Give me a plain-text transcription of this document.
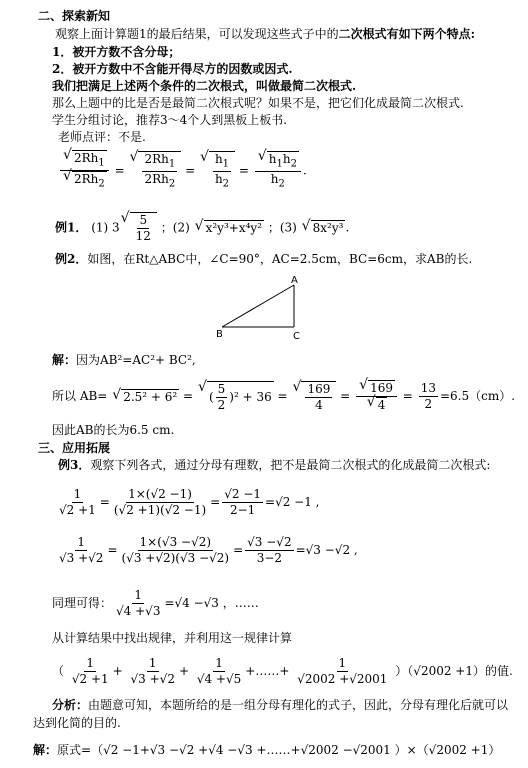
二、探索新知
观察上面计算题1的最后结果，可以发现这些式子中的二次根式有如下两个特点:
1．被开方数不含分母；
2．被开方数中不含能开得尽方的因数或因式.
我们把满足上述两个条件的二次根式，叫做最简二次根式.
那么上题中的比是否是最简二次根式呢？如果不是，把它们化成最简二次根式.
学生分组讨论，推荐3～4个人到黑板上板书.
老师点评：不是.
√ $2Rh_1$
√ $2Rh_2$ = √ $\frac{2Rh_1}{2Rh_2}$ = √ $\frac{h_1}{h_2}$ = √ $\frac{h_1h_2}{h_2}$ .
例1． (1) 3 √ $\frac{5}{12}$ ；(2) √ x²y³+x⁴y² ；(3) √ 8x²y³ .
例2．如图，在Rt△ABC中，∠C=90°，AC=2.5cm，BC=6cm，求AB的长.
A
B	C
解：因为AB²=AC²+ BC²,
所以 AB= √ 2.5² + 6² = √ ( $\frac{5}{2} )^2 + 36$ = √ $\frac{169}{4}$ = √ 169
√ $4 = \frac{13}{2} =6.5(cm)$.
因此AB的长为6.5 cm.
三、应用拓展
例3．观察下列各式，通过分母有理数，把不是最简二次根式的化成最简二次根式:
$\frac{1}{√2 +1} = \frac{1\times(√2 -1)}{(√2 +1)(√2 -1)} = \frac{√2 -1}{2-1} =√2 -1$ ,
$\frac{1}{√3 +√2} = \frac{1\times(√3 -√2)}{(√3 +√2)(√3 -√2)} = \frac{√3 -√2}{3-2} =√3 -√2$ ,
同理可得： $\frac{1}{√4 +√3} =√4 -√3$ ，……
从计算结果中找出规律，并利用这一规律计算
（ $\frac{1}{√2 +1} + \frac{1}{√3 +√2} + \frac{1}{√4 +√5}$ +……+ $\frac{1}{√2002 +√2001} )(√2002 +1)$的值.
分析：由题意可知，本题所给的是一组分母有理化的式子，因此，分母有理化后就可以
达到化简的目的.
解：原式=（√2 −1+√3 −√2 +√4 −√3 +……+√2002 −√2001 ）×（√2002 +1）
